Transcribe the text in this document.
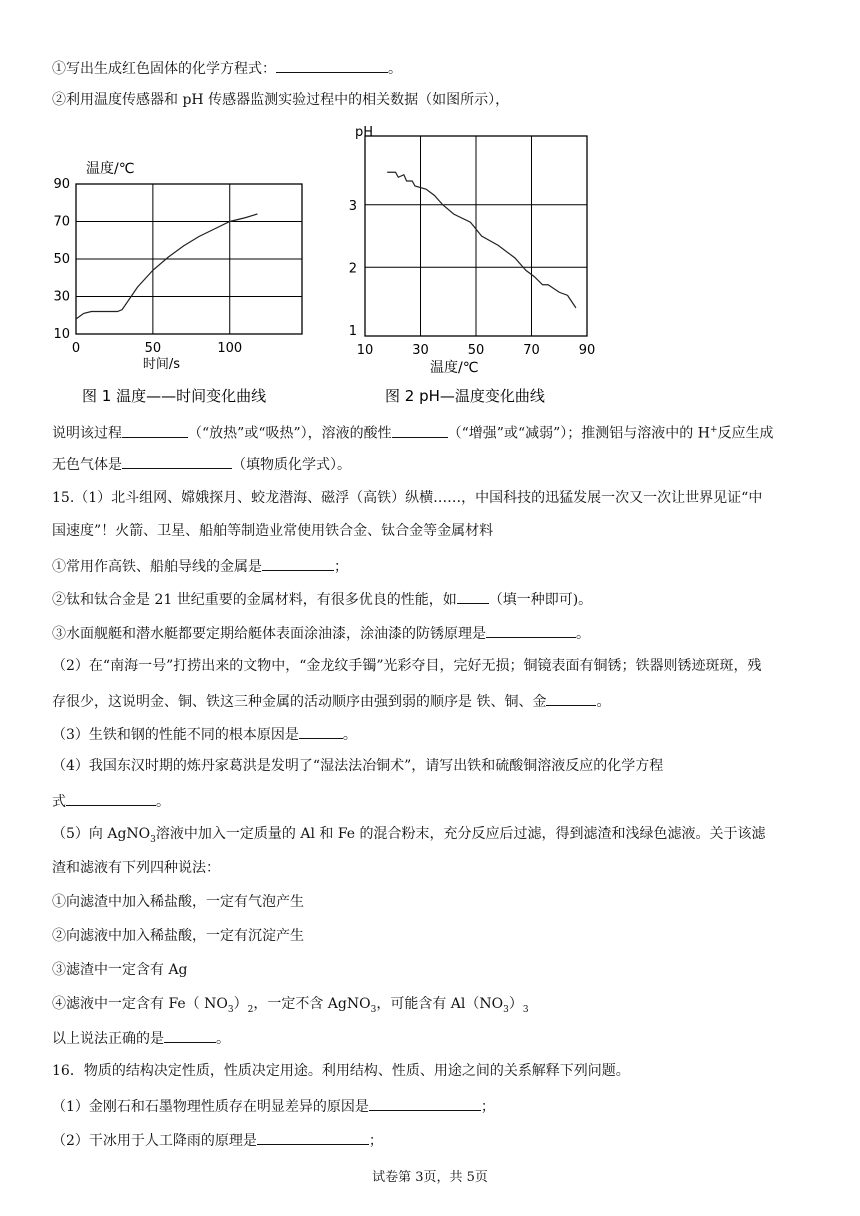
①写出生成红色固体的化学方程式：	。
②利用温度传感器和 pH 传感器监测实验过程中的相关数据（如图所示），
90
70
50
30
10
0	50	100
温度/℃
时间/s
图 1 温度——时间变化曲线
3
2
1
10	30	50	70	90
pH
温度/℃
图 2 pH—温度变化曲线
说明该过程	（“放热”或“吸热”），溶液的酸性	（“增强”或“减弱”）；推测铝与溶液中的 H+反应生成
无色气体是	（填物质化学式）。
15.（1）北斗组网、嫦娥探月、蛟龙潜海、磁浮（高铁）纵横……，中国科技的迅猛发展一次又一次让世界见证“中
国速度”！火箭、卫星、船舶等制造业常使用铁合金、钛合金等金属材料
①常用作高铁、船舶导线的金属是	；
②钛和钛合金是 21 世纪重要的金属材料，有很多优良的性能，如 （填一种即可)。
③水面舰艇和潜水艇都要定期给艇体表面涂油漆，涂油漆的防锈原理是	。
（2）在“南海一号”打捞出来的文物中，“金龙纹手镯”光彩夺目，完好无损；铜镜表面有铜锈；铁器则锈迹斑斑，残
存很少，这说明金、铜、铁这三种金属的活动顺序由强到弱的顺序是 铁、铜、金	。
（3）生铁和钢的性能不同的根本原因是	。
（4）我国东汉时期的炼丹家葛洪是发明了“湿法法冶铜术”，请写出铁和硫酸铜溶液反应的化学方程
式	。
（5）向 AgNO$_3$溶液中加入一定质量的 Al 和 Fe 的混合粉末，充分反应后过滤，得到滤渣和浅绿色滤液。关于该滤
渣和滤液有下列四种说法：
①向滤渣中加入稀盐酸，一定有气泡产生
②向滤液中加入稀盐酸，一定有沉淀产生
③滤渣中一定含有 Ag
④滤液中一定含有 Fe（ $NO_3)_2$，一定不含 AgNO$_3$，可能含有 $Al(NO_3)_3$
以上说法正确的是	。
16．物质的结构决定性质，性质决定用途。利用结构、性质、用途之间的关系解释下列问题。
（1）金刚石和石墨物理性质存在明显差异的原因是	；
（2）干冰用于人工降雨的原理是	；
试卷第 3页，共 5页
